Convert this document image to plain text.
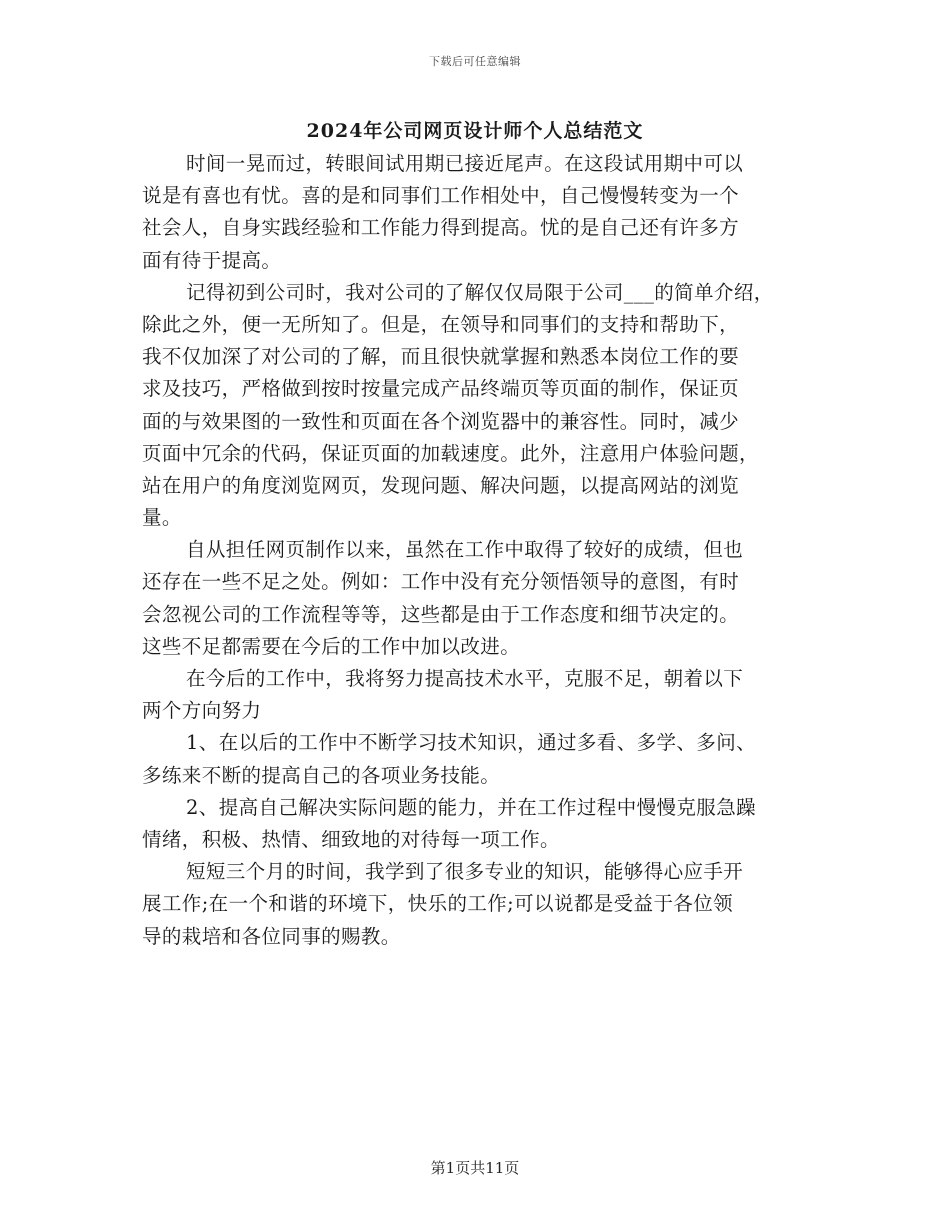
下载后可任意编辑
2024年公司网页设计师个人总结范文
时间一晃而过，转眼间试用期已接近尾声。在这段试用期中可以
说是有喜也有忧。喜的是和同事们工作相处中，自己慢慢转变为一个
社会人，自身实践经验和工作能力得到提高。忧的是自己还有许多方
面有待于提高。
记得初到公司时，我对公司的了解仅仅局限于公司___的简单介绍，
除此之外，便一无所知了。但是，在领导和同事们的支持和帮助下，
我不仅加深了对公司的了解，而且很快就掌握和熟悉本岗位工作的要
求及技巧，严格做到按时按量完成产品终端页等页面的制作，保证页
面的与效果图的一致性和页面在各个浏览器中的兼容性。同时，减少
页面中冗余的代码，保证页面的加载速度。此外，注意用户体验问题，
站在用户的角度浏览网页，发现问题、解决问题，以提高网站的浏览
量。
自从担任网页制作以来，虽然在工作中取得了较好的成绩，但也
还存在一些不足之处。例如：工作中没有充分领悟领导的意图，有时
会忽视公司的工作流程等等，这些都是由于工作态度和细节决定的。
这些不足都需要在今后的工作中加以改进。
在今后的工作中，我将努力提高技术水平，克服不足，朝着以下
两个方向努力
1、在以后的工作中不断学习技术知识，通过多看、多学、多问、
多练来不断的提高自己的各项业务技能。
2、提高自己解决实际问题的能力，并在工作过程中慢慢克服急躁
情绪，积极、热情、细致地的对待每一项工作。
短短三个月的时间，我学到了很多专业的知识，能够得心应手开
展工作;在一个和谐的环境下，快乐的工作;可以说都是受益于各位领
导的栽培和各位同事的赐教。
第1页共11页
